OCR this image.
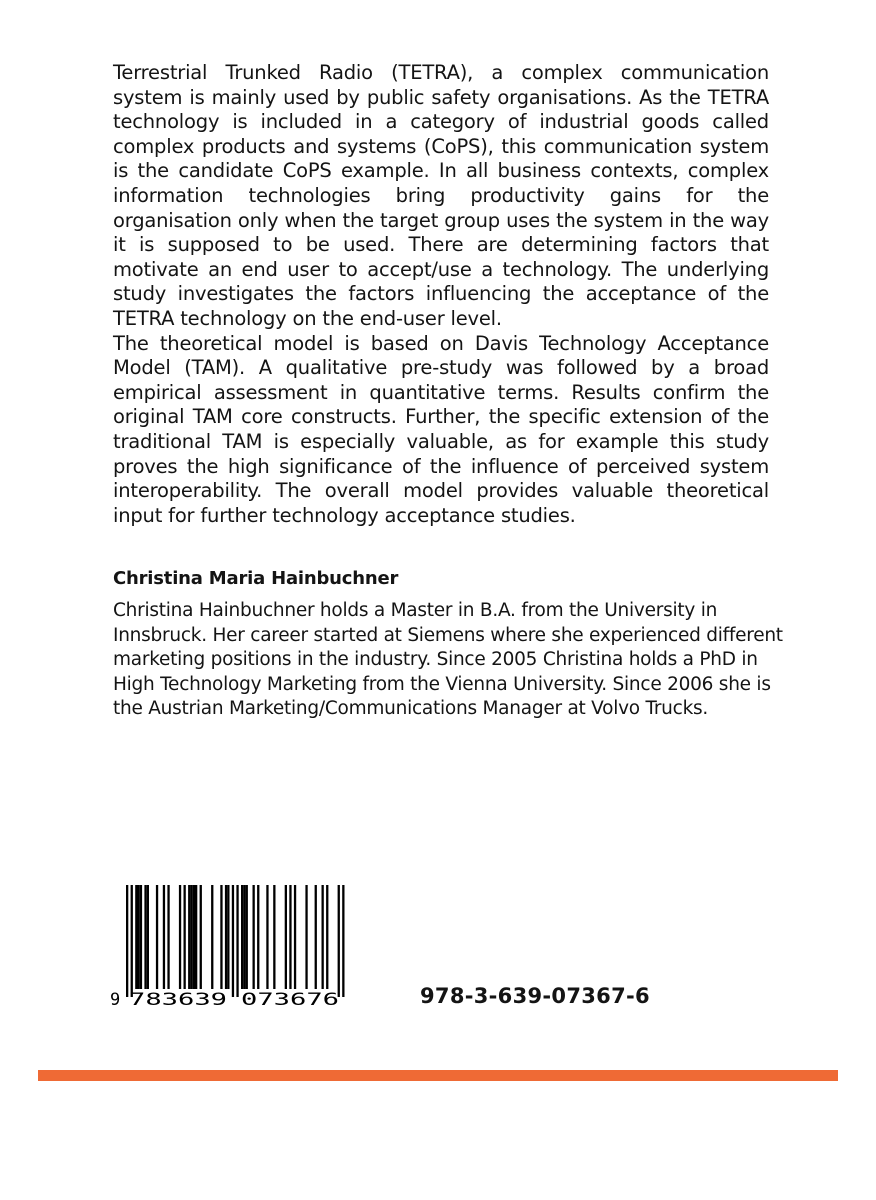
Terrestrial Trunked Radio (TETRA), a complex communication system is mainly used by public safety organisations. As the TETRA technology is included in a category of industrial goods called complex products and systems (CoPS), this communication system is the candidate CoPS example. In all business contexts, complex information technologies bring productivity gains for the organisation only when the target group uses the system in the way it is supposed to be used. There are determining factors that motivate an end user to accept/use a technology. The underlying study investigates the factors influencing the acceptance of the TETRA technology on the end-user level.

The theoretical model is based on Davis Technology Acceptance Model (TAM). A qualitative pre-study was followed by a broad empirical assessment in quantitative terms. Results confirm the original TAM core constructs. Further, the specific extension of the traditional TAM is especially valuable, as for example this study proves the high significance of the influence of perceived system interoperability. The overall model provides valuable theoretical input for further technology acceptance studies.

Christina Maria Hainbuchner

Christina Hainbuchner holds a Master in B.A. from the University in Innsbruck. Her career started at Siemens where she experienced different marketing positions in the industry. Since 2005 Christina holds a PhD in High Technology Marketing from the Vienna University. Since 2006 she is the Austrian Marketing/Communications Manager at Volvo Trucks.

9 783639 073676	978-3-639-07367-6
